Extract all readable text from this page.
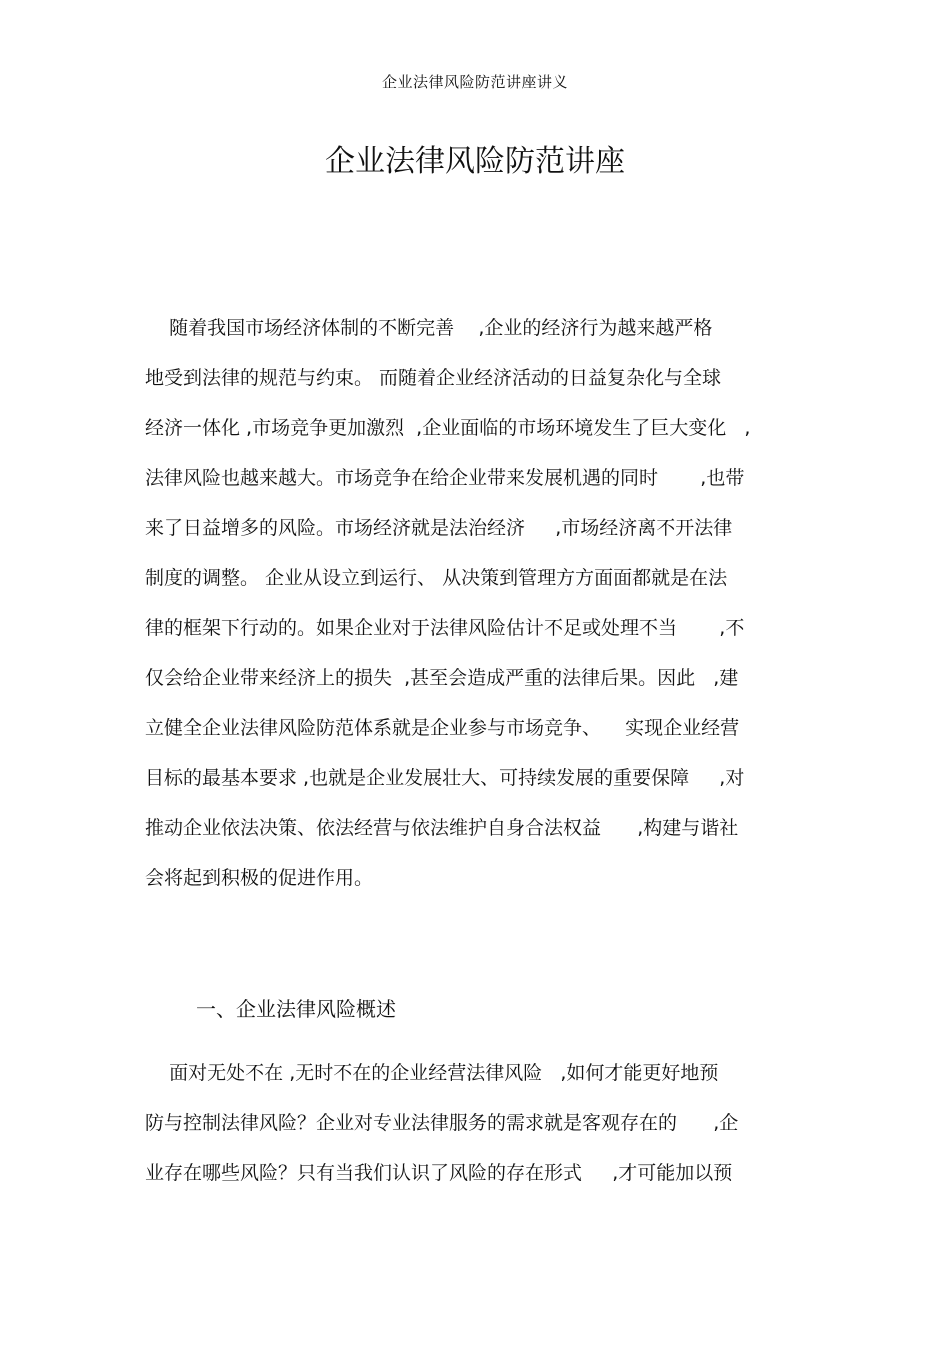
企业法律风险防范讲座讲义
企业法律风险防范讲座

随着我国市场经济体制的不断完善    ,企业的经济行为越来越严格
地受到法律的规范与约束。 而随着企业经济活动的日益复杂化与全球
经济一体化 ,市场竞争更加激烈  ,企业面临的市场环境发生了巨大变化   ,
法律风险也越来越大。市场竞争在给企业带来发展机遇的同时       ,也带
来了日益增多的风险。市场经济就是法治经济     ,市场经济离不开法律
制度的调整。 企业从设立到运行、 从决策到管理方方面面都就是在法
律的框架下行动的。如果企业对于法律风险估计不足或处理不当       ,不
仅会给企业带来经济上的损失  ,甚至会造成严重的法律后果。因此   ,建
立健全企业法律风险防范体系就是企业参与市场竞争、    实现企业经营
目标的最基本要求 ,也就是企业发展壮大、可持续发展的重要保障     ,对
推动企业依法决策、依法经营与依法维护自身合法权益      ,构建与谐社
会将起到积极的促进作用。

一、企业法律风险概述

面对无处不在 ,无时不在的企业经营法律风险   ,如何才能更好地预
防与控制法律风险？企业对专业法律服务的需求就是客观存在的      ,企
业存在哪些风险？只有当我们认识了风险的存在形式     ,才可能加以预
